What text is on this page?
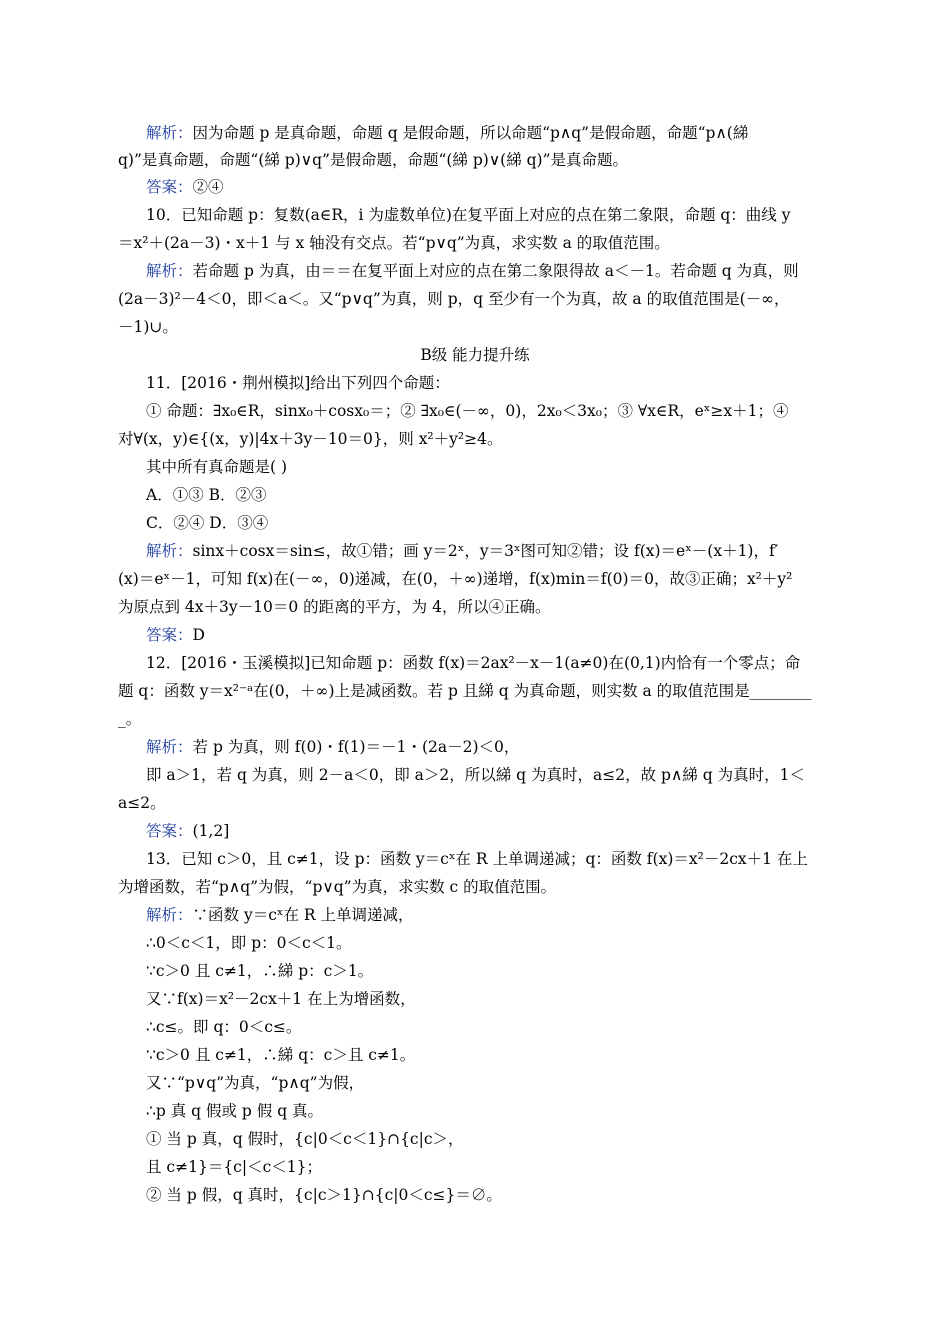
解析：因为命题 p 是真命题，命题 q 是假命题，所以命题“p∧q”是假命题，命题“p∧(綈
q)”是真命题，命题“(綈 p)∨q”是假命题，命题“(綈 p)∨(綈 q)”是真命题。
答案：②④
10．已知命题 p：复数(a∈R，i 为虚数单位)在复平面上对应的点在第二象限，命题 q：曲线 y
＝x²＋(2a－3)・x＋1 与 x 轴没有交点。若“p∨q”为真，求实数 a 的取值范围。
解析：若命题 p 为真，由＝＝在复平面上对应的点在第二象限得故 a＜－1。若命题 q 为真，则
(2a－3)²－4＜0，即＜a＜。又“p∨q”为真，则 p，q 至少有一个为真，故 a 的取值范围是(－∞，
－1)∪。
B级 能力提升练
11．[2016・荆州模拟]给出下列四个命题：
① 命题：∃x₀∈R，sinx₀＋cosx₀＝；② ∃x₀∈(－∞，0)，2x₀＜3x₀；③ ∀x∈R，eˣ≥x＋1；④
对∀(x，y)∈{(x，y)|4x＋3y－10＝0}，则 x²＋y²≥4。
其中所有真命题是( )
A．①③ B．②③
C．②④ D．③④
解析：sinx＋cosx＝sin≤，故①错；画 y＝2ˣ，y＝3ˣ图可知②错；设 f(x)＝eˣ－(x＋1)，f′
(x)＝eˣ－1，可知 f(x)在(－∞，0)递减，在(0，＋∞)递增，f(x)min＝f(0)＝0，故③正确；x²＋y²
为原点到 4x＋3y－10＝0 的距离的平方，为 4，所以④正确。
答案：D
12．[2016・玉溪模拟]已知命题 p：函数 f(x)＝2ax²－x－1(a≠0)在(0,1)内恰有一个零点；命
题 q：函数 y＝x²⁻ᵃ在(0，＋∞)上是减函数。若 p 且綈 q 为真命题，则实数 a 的取值范围是________
_。
解析：若 p 为真，则 f(0)・f(1)＝－1・(2a－2)＜0，
即 a＞1，若 q 为真，则 2－a＜0，即 a＞2，所以綈 q 为真时，a≤2，故 p∧綈 q 为真时，1＜
a≤2。
答案：(1,2]
13．已知 c＞0，且 c≠1，设 p：函数 y＝cˣ在 R 上单调递减；q：函数 f(x)＝x²－2cx＋1 在上
为增函数，若“p∧q”为假，“p∨q”为真，求实数 c 的取值范围。
解析：∵函数 y＝cˣ在 R 上单调递减，
∴0＜c＜1，即 p：0＜c＜1。
∵c＞0 且 c≠1，∴綈 p：c＞1。
又∵f(x)＝x²－2cx＋1 在上为增函数，
∴c≤。即 q：0＜c≤。
∵c＞0 且 c≠1，∴綈 q：c＞且 c≠1。
又∵“p∨q”为真，“p∧q”为假，
∴p 真 q 假或 p 假 q 真。
① 当 p 真，q 假时，{c|0＜c＜1}∩{c|c＞，
且 c≠1}＝{c|＜c＜1}；
② 当 p 假，q 真时，{c|c＞1}∩{c|0＜c≤}＝∅。
